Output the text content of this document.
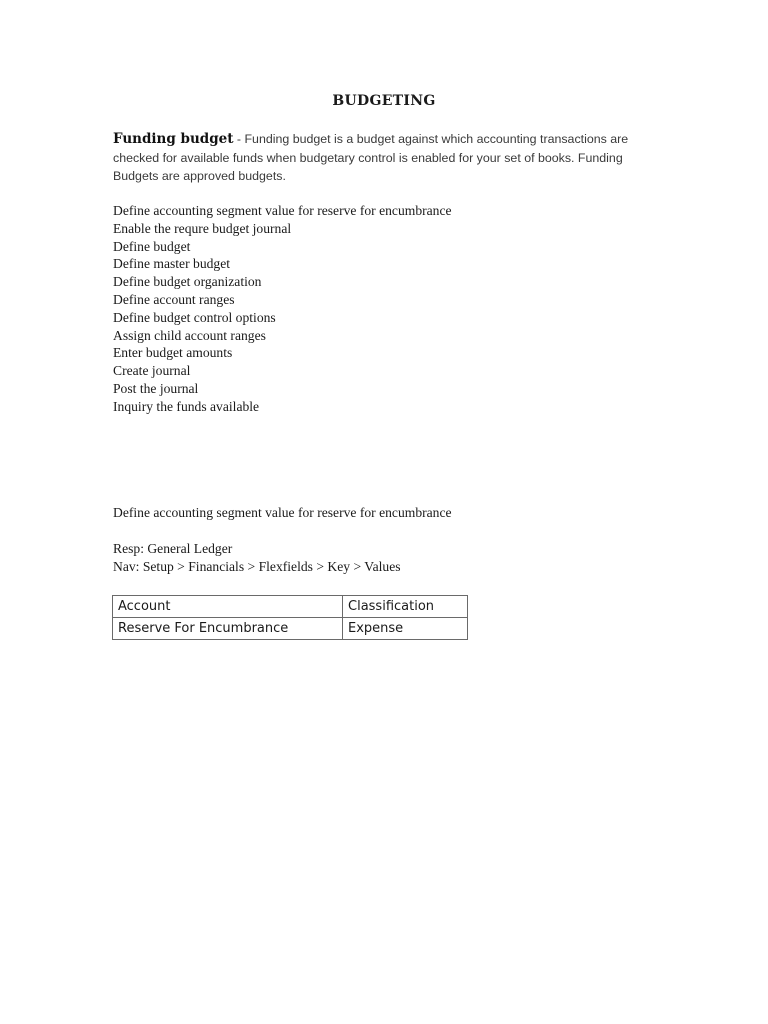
BUDGETING

Funding budget - Funding budget is a budget against which accounting transactions are checked for available funds when budgetary control is enabled for your set of books. Funding Budgets are approved budgets.

Define accounting segment value for reserve for encumbrance
Enable the requre budget journal
Define budget
Define master budget
Define budget organization
Define account ranges
Define budget control options
Assign child account ranges
Enter budget amounts
Create journal
Post the journal
Inquiry the funds available

Define accounting segment value for reserve for encumbrance

Resp: General Ledger

Nav: Setup > Financials > Flexfields > Key > Values

Account	Classification
Reserve For Encumbrance	Expense
